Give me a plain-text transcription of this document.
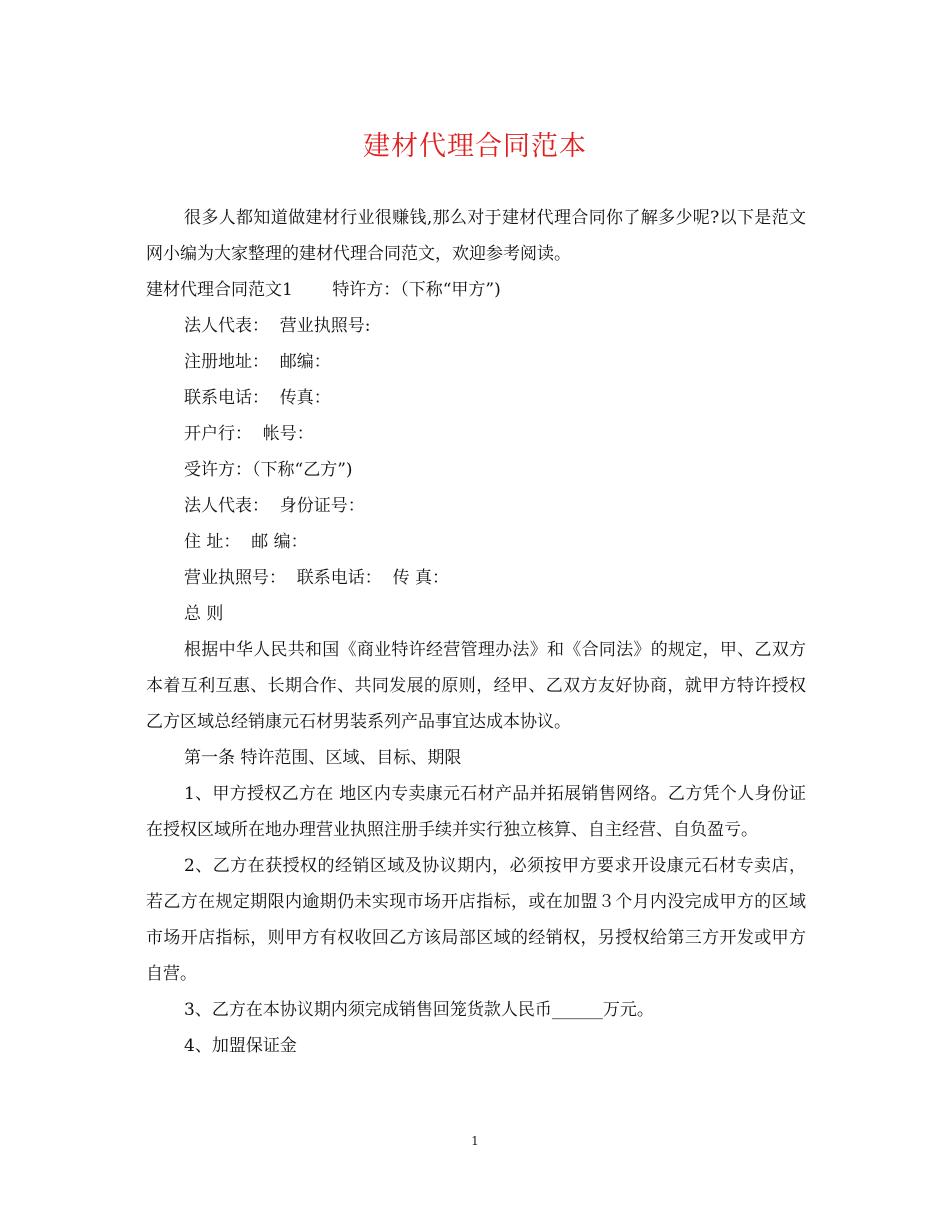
建材代理合同范本

很多人都知道做建材行业很赚钱,那么对于建材代理合同你了解多少呢?以下是范文网小编为大家整理的建材代理合同范文，欢迎参考阅读。

建材代理合同范文1　　 特许方：（下称“甲方”)

法人代表：  营业执照号:

注册地址：  邮编：

联系电话：  传真：

开户行：  帐号：

受许方：（下称“乙方”)

法人代表：  身份证号：

住 址：  邮 编：

营业执照号：  联系电话：  传 真：

总 则

根据中华人民共和国《商业特许经营管理办法》和《合同法》的规定，甲、乙双方本着互利互惠、长期合作、共同发展的原则，经甲、乙双方友好协商，就甲方特许授权乙方区域总经销康元石材男装系列产品事宜达成本协议。

第一条 特许范围、区域、目标、期限

1、甲方授权乙方在 地区内专卖康元石材产品并拓展销售网络。乙方凭个人身份证在授权区域所在地办理营业执照注册手续并实行独立核算、自主经营、自负盈亏。

2、乙方在获授权的经销区域及协议期内，必须按甲方要求开设康元石材专卖店，若乙方在规定期限内逾期仍未实现市场开店指标，或在加盟３个月内没完成甲方的区域市场开店指标，则甲方有权收回乙方该局部区域的经销权，另授权给第三方开发或甲方自营。

3、乙方在本协议期内须完成销售回笼货款人民币______万元。

4、加盟保证金

1
